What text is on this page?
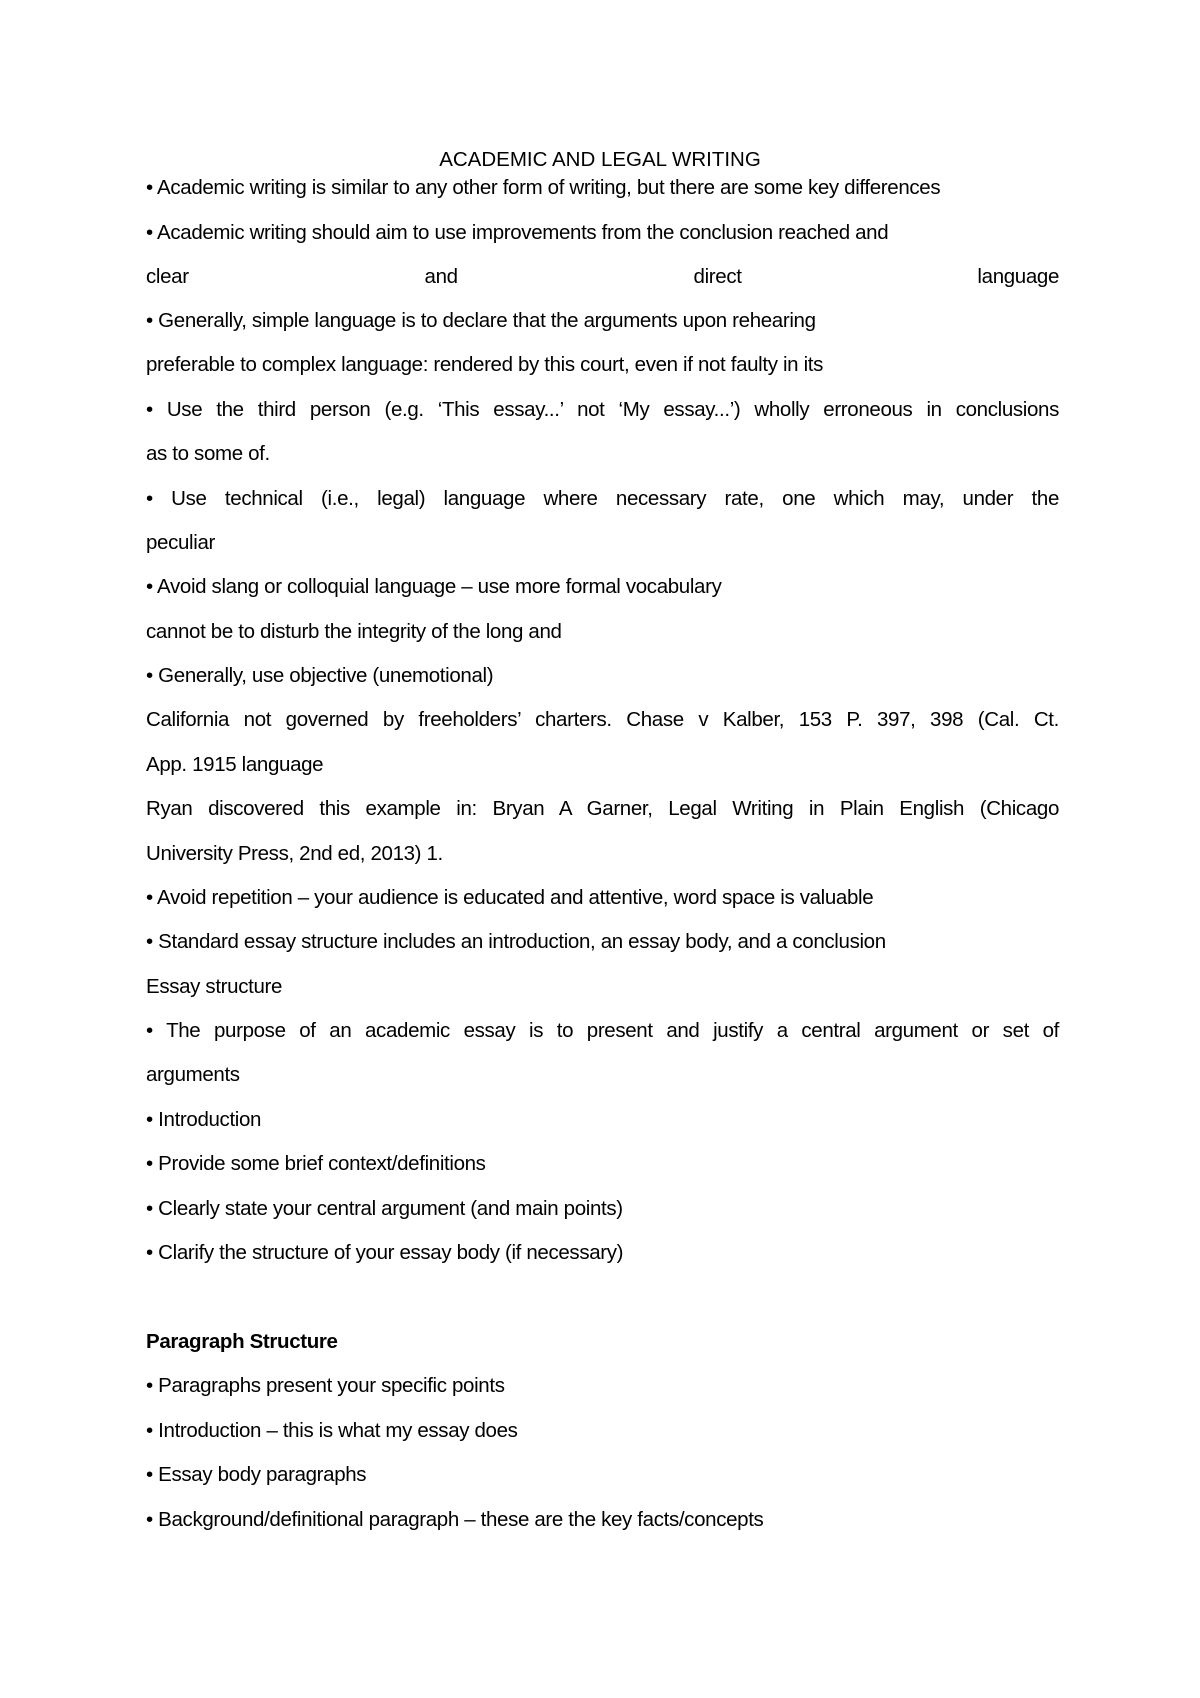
ACADEMIC AND LEGAL WRITING
• Academic writing is similar to any other form of writing, but there are some key differences
• Academic writing should aim to use improvements from the conclusion reached and
clear and direct language
• Generally, simple language is to declare that the arguments upon rehearing
preferable to complex language: rendered by this court, even if not faulty in its
• Use the third person (e.g. ‘This essay...’ not ‘My essay...’) wholly erroneous in conclusions
as to some of.
• Use technical (i.e., legal) language where necessary rate, one which may, under the
peculiar
• Avoid slang or colloquial language – use more formal vocabulary
cannot be to disturb the integrity of the long and
• Generally, use objective (unemotional)
California not governed by freeholders’ charters. Chase v Kalber, 153 P. 397, 398 (Cal. Ct.
App. 1915 language
Ryan discovered this example in: Bryan A Garner, Legal Writing in Plain English (Chicago
University Press, 2nd ed, 2013) 1.
• Avoid repetition – your audience is educated and attentive, word space is valuable
• Standard essay structure includes an introduction, an essay body, and a conclusion
Essay structure
• The purpose of an academic essay is to present and justify a central argument or set of
arguments
• Introduction
• Provide some brief context/definitions
• Clearly state your central argument (and main points)
• Clarify the structure of your essay body (if necessary)
Paragraph Structure
• Paragraphs present your specific points
• Introduction – this is what my essay does
• Essay body paragraphs
• Background/definitional paragraph – these are the key facts/concepts
